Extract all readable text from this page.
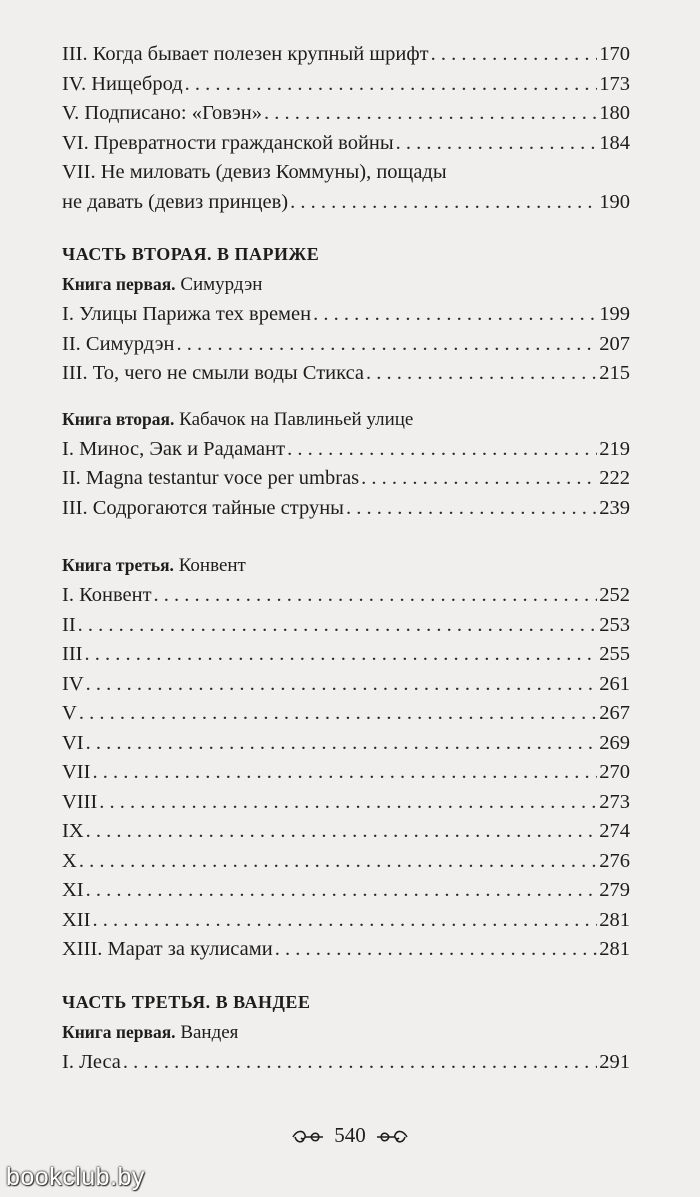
III. Когда бывает полезен крупный шрифт . . .	170
IV. Нищеброд . . .	173
V. Подписано: «Говэн» . . .	180
VI. Превратности гражданской войны . . .	184
VII. Не миловать (девиз Коммуны), пощады
не давать (девиз принцев) . . .	190
ЧАСТЬ ВТОРАЯ. В ПАРИЖЕ
Книга первая. Симурдэн
I. Улицы Парижа тех времен . . .	199
II. Симурдэн . . .	207
III. То, чего не смыли воды Стикса . . .	215
Книга вторая. Кабачок на Павлиньей улице
I. Минос, Эак и Радамант . . .	219
II. Magna testantur voce per umbras . . .	222
III. Содрогаются тайные струны . . .	239
Книга третья. Конвент
I. Конвент . . .	252
II . . .	253
III . . .	255
IV . . .	261
V . . .	267
VI . . .	269
VII . . .	270
VIII . . .	273
IX . . .	274
X . . .	276
XI . . .	279
XII . . .	281
XIII. Марат за кулисами . . .	281
ЧАСТЬ ТРЕТЬЯ. В ВАНДЕЕ
Книга первая. Вандея
I. Леса . . .	291
540
bookclub.by
